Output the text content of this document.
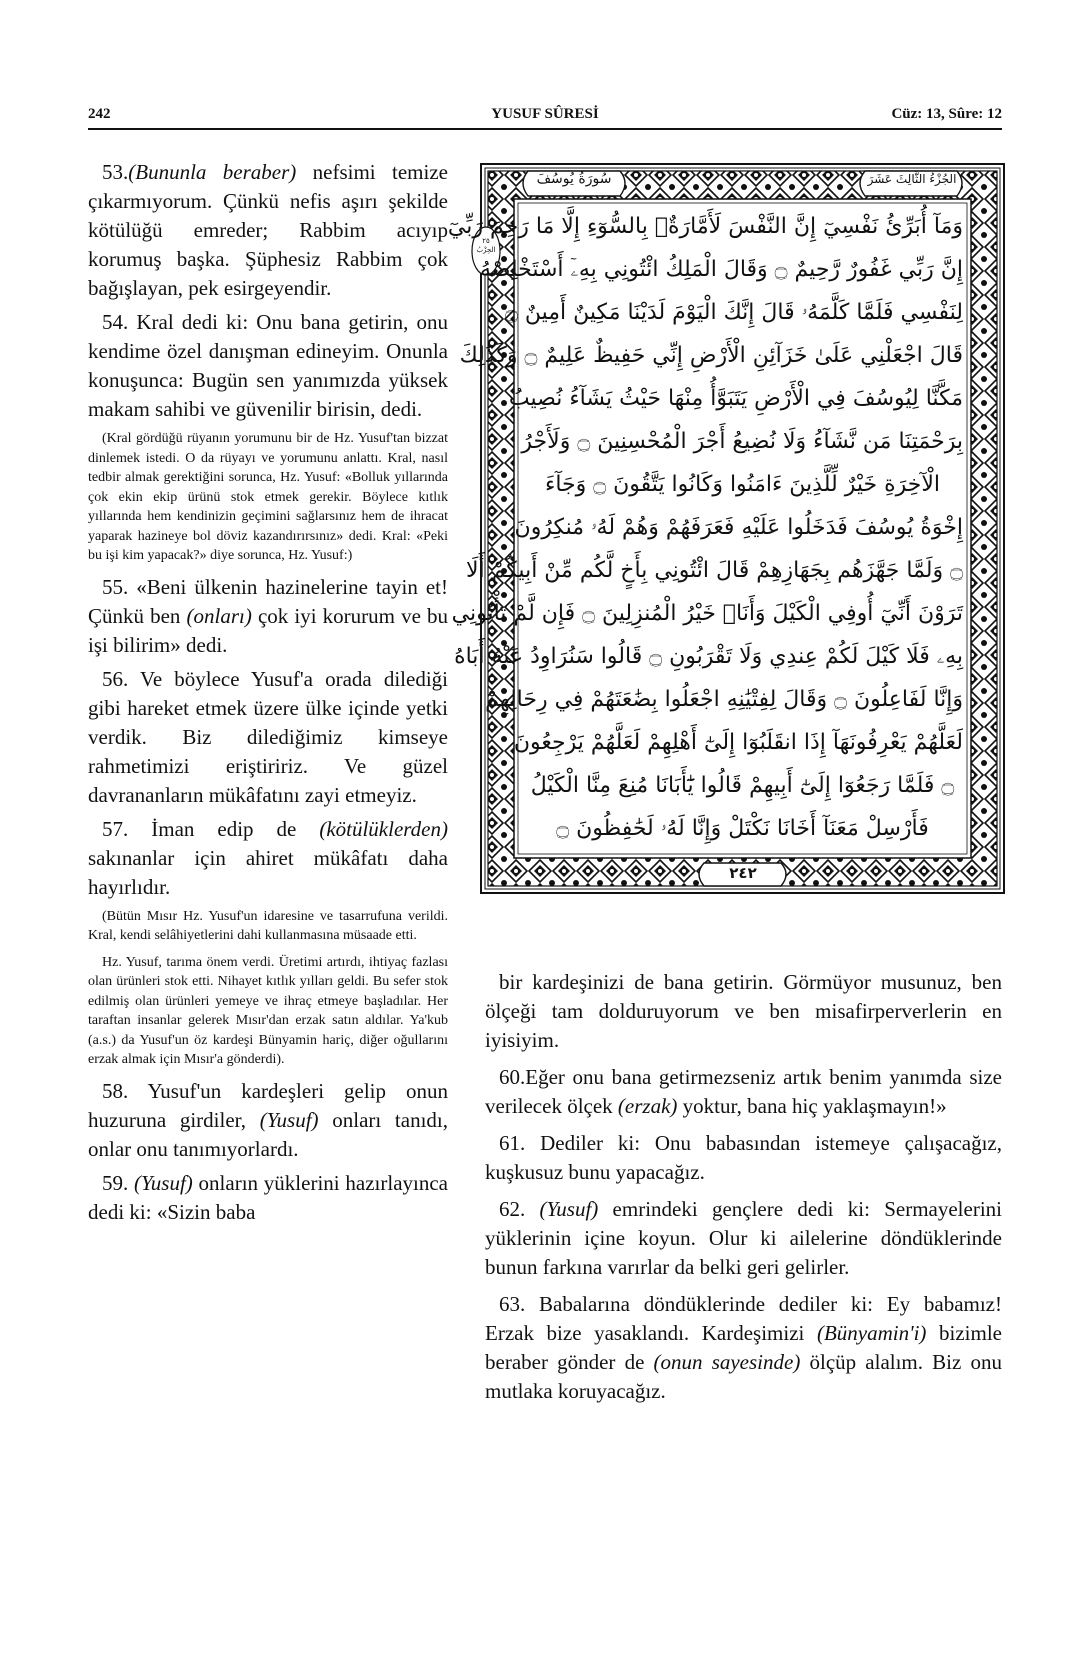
242	YUSUF SÛRESİ	Cüz: 13, Sûre: 12
سُورَةُ يُوسُفَ	الجُزْءُ الثَّالِثَ عَشَرَ
٢٤٢
٢٥ الحِزْبُ
وَمَآ أُبَرِّئُ نَفْسِيٓ إِنَّ النَّفْسَ لَأَمَّارَةٌۢ بِالسُّوٓءِ إِلَّا مَا رَحِمَ رَبِّيٓ
إِنَّ رَبِّي غَفُورٌ رَّحِيمٌ ۝ وَقَالَ الْمَلِكُ ائْتُونِي بِهِۦٓ أَسْتَخْلِصْهُ
لِنَفْسِي فَلَمَّا كَلَّمَهُۥ قَالَ إِنَّكَ الْيَوْمَ لَدَيْنَا مَكِينٌ أَمِينٌ ۝
قَالَ اجْعَلْنِي عَلَىٰ خَزَآئِنِ الْأَرْضِ إِنِّي حَفِيظٌ عَلِيمٌ ۝ وَكَذَٰلِكَ
مَكَّنَّا لِيُوسُفَ فِي الْأَرْضِ يَتَبَوَّأُ مِنْهَا حَيْثُ يَشَآءُ نُصِيبُ
بِرَحْمَتِنَا مَن نَّشَآءُ وَلَا نُضِيعُ أَجْرَ الْمُحْسِنِينَ ۝ وَلَأَجْرُ
الْآخِرَةِ خَيْرٌ لِّلَّذِينَ ءَامَنُوا وَكَانُوا يَتَّقُونَ ۝ وَجَآءَ
إِخْوَةُ يُوسُفَ فَدَخَلُوا عَلَيْهِ فَعَرَفَهُمْ وَهُمْ لَهُۥ مُنكِرُونَ
۝ وَلَمَّا جَهَّزَهُم بِجَهَازِهِمْ قَالَ ائْتُونِي بِأَخٍ لَّكُم مِّنْ أَبِيكُمْ أَلَا
تَرَوْنَ أَنِّيٓ أُوفِي الْكَيْلَ وَأَنَا۠ خَيْرُ الْمُنزِلِينَ ۝ فَإِن لَّمْ تَأْتُونِي
بِهِۦ فَلَا كَيْلَ لَكُمْ عِندِي وَلَا تَقْرَبُونِ ۝ قَالُوا سَنُرَاوِدُ عَنْهُ أَبَاهُ
وَإِنَّا لَفَاعِلُونَ ۝ وَقَالَ لِفِتْيَٰنِهِ اجْعَلُوا بِضَٰعَتَهُمْ فِي رِحَالِهِمْ
لَعَلَّهُمْ يَعْرِفُونَهَآ إِذَا انقَلَبُوٓا إِلَىٰٓ أَهْلِهِمْ لَعَلَّهُمْ يَرْجِعُونَ
۝ فَلَمَّا رَجَعُوٓا إِلَىٰٓ أَبِيهِمْ قَالُوا يَٰٓأَبَانَا مُنِعَ مِنَّا الْكَيْلُ
فَأَرْسِلْ مَعَنَآ أَخَانَا نَكْتَلْ وَإِنَّا لَهُۥ لَحَٰفِظُونَ ۝

53.(Bununla beraber) nefsimi temize çıkarmıyorum. Çünkü nefis aşırı şekilde kötülüğü emreder; Rabbim acıyıp korumuş başka. Şüphesiz Rabbim çok bağışlayan, pek esirgeyendir.

54. Kral dedi ki: Onu bana getirin, onu kendime özel danışman edineyim. Onunla konuşunca: Bugün sen yanımızda yüksek makam sahibi ve güvenilir birisin, dedi.

(Kral gördüğü rüyanın yorumunu bir de Hz. Yusuf'tan bizzat dinlemek istedi. O da rüyayı ve yorumunu anlattı. Kral, nasıl tedbir almak gerektiğini sorunca, Hz. Yusuf: «Bolluk yıllarında çok ekin ekip ürünü stok etmek gerekir. Böylece kıtlık yıllarında hem kendinizin geçimini sağlarsınız hem de ihracat yaparak hazineye bol döviz kazandırırsınız» dedi. Kral: «Peki bu işi kim yapacak?» diye sorunca, Hz. Yusuf:)

55. «Beni ülkenin hazinelerine tayin et! Çünkü ben (onları) çok iyi korurum ve bu işi bilirim» dedi.

56. Ve böylece Yusuf'a orada dilediği gibi hareket etmek üzere ülke içinde yetki verdik. Biz dilediğimiz kimseye rahmetimizi eriştiririz. Ve güzel davrananların mükâfatını zayi etmeyiz.

57. İman edip de (kötülüklerden) sakınanlar için ahiret mükâfatı daha hayırlıdır.

(Bütün Mısır Hz. Yusuf'un idaresine ve tasarrufuna verildi. Kral, kendi selâhiyetlerini dahi kullanmasına müsaade etti.

Hz. Yusuf, tarıma önem verdi. Üretimi artırdı, ihtiyaç fazlası olan ürünleri stok etti. Nihayet kıtlık yılları geldi. Bu sefer stok edilmiş olan ürünleri yemeye ve ihraç etmeye başladılar. Her taraftan insanlar gelerek Mısır'dan erzak satın aldılar. Ya'kub (a.s.) da Yusuf'un öz kardeşi Bünyamin hariç, diğer oğullarını erzak almak için Mısır'a gönderdi).

58. Yusuf'un kardeşleri gelip onun huzuruna girdiler, (Yusuf) onları tanıdı, onlar onu tanımıyorlardı.

59. (Yusuf) onların yüklerini hazırlayınca dedi ki: «Sizin baba

bir kardeşinizi de bana getirin. Görmüyor musunuz, ben ölçeği tam dolduruyorum ve ben misafirperverlerin en iyisiyim.

60.Eğer onu bana getirmezseniz artık benim yanımda size verilecek ölçek (erzak) yoktur, bana hiç yaklaşmayın!»

61. Dediler ki: Onu babasından istemeye çalışacağız, kuşkusuz bunu yapacağız.

62. (Yusuf) emrindeki gençlere dedi ki: Sermayelerini yüklerinin içine koyun. Olur ki ailelerine döndüklerinde bunun farkına varırlar da belki geri gelirler.

63. Babalarına döndüklerinde dediler ki: Ey babamız! Erzak bize yasaklandı. Kardeşimizi (Bünyamin'i) bizimle beraber gönder de (onun sayesinde) ölçüp alalım. Biz onu mutlaka koruyacağız.
